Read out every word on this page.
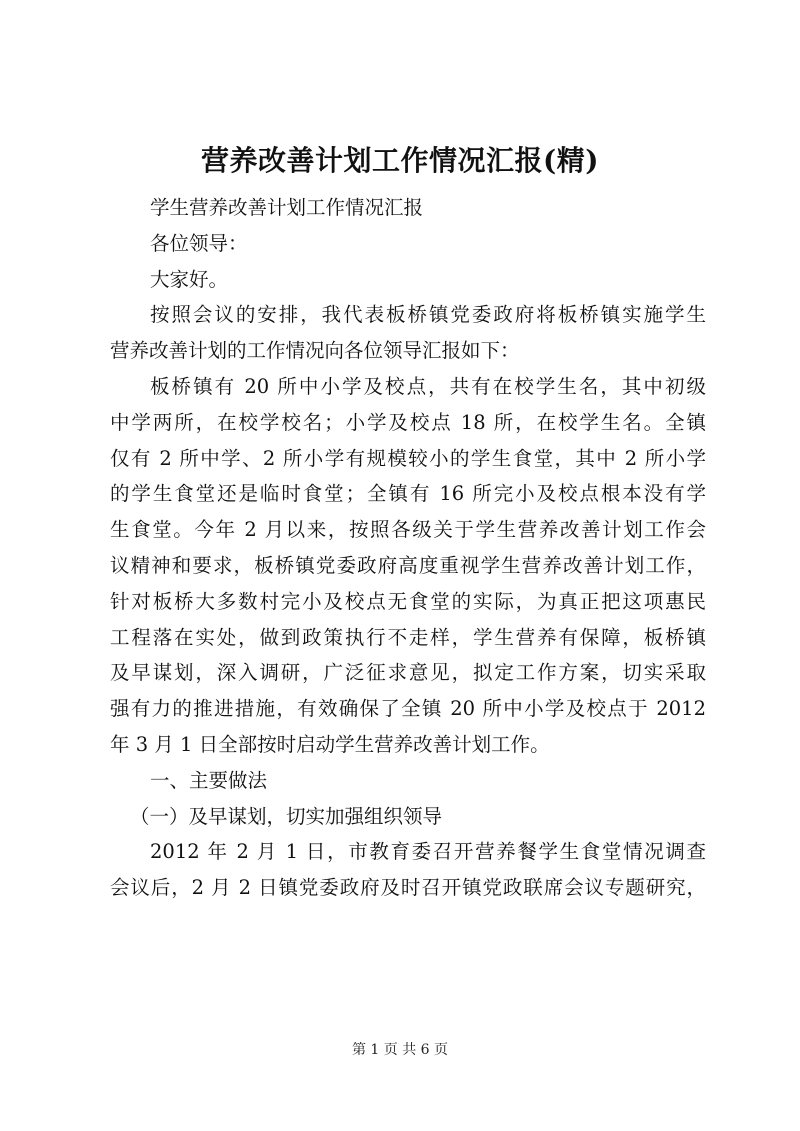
营养改善计划工作情况汇报(精)
学生营养改善计划工作情况汇报
各位领导：
大家好。
按照会议的安排，我代表板桥镇党委政府将板桥镇实施学生
营养改善计划的工作情况向各位领导汇报如下：
板桥镇有 20 所中小学及校点，共有在校学生名，其中初级
中学两所，在校学校名；小学及校点 18 所，在校学生名。全镇
仅有 2 所中学、2 所小学有规模较小的学生食堂，其中 2 所小学
的学生食堂还是临时食堂；全镇有 16 所完小及校点根本没有学
生食堂。今年 2 月以来，按照各级关于学生营养改善计划工作会
议精神和要求，板桥镇党委政府高度重视学生营养改善计划工作，
针对板桥大多数村完小及校点无食堂的实际，为真正把这项惠民
工程落在实处，做到政策执行不走样，学生营养有保障，板桥镇
及早谋划，深入调研，广泛征求意见，拟定工作方案，切实采取
强有力的推进措施，有效确保了全镇 20 所中小学及校点于 2012
年 3 月 1 日全部按时启动学生营养改善计划工作。
一、主要做法
（一）及早谋划，切实加强组织领导
2012 年 2 月 1 日，市教育委召开营养餐学生食堂情况调查
会议后，2 月 2 日镇党委政府及时召开镇党政联席会议专题研究，
第 1 页 共 6 页
